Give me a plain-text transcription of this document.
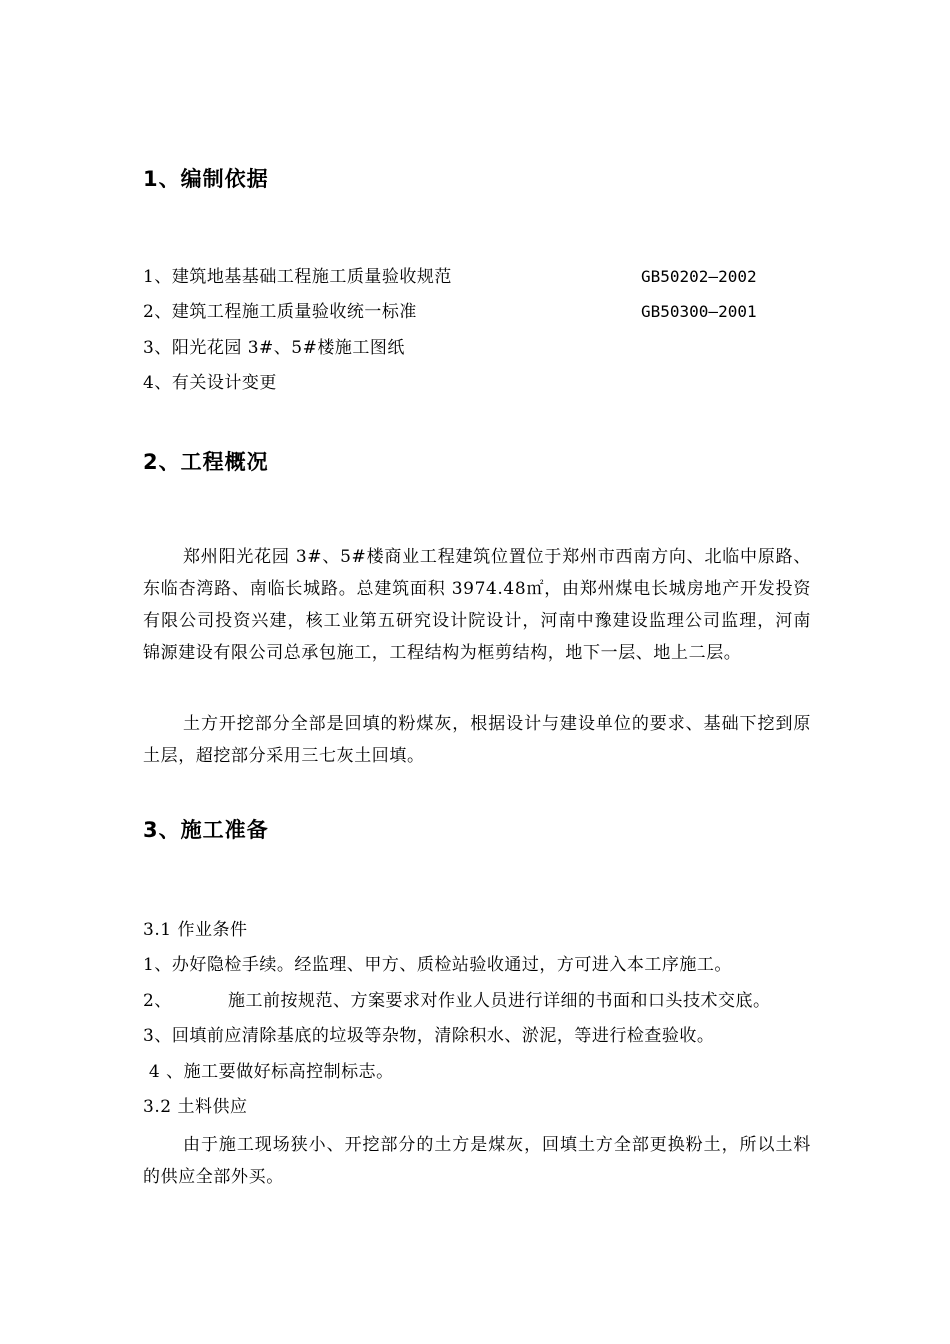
1、编制依据
1、建筑地基基础工程施工质量验收规范	GB50202—2002
2、建筑工程施工质量验收统一标准	GB50300—2001
3、阳光花园 3#、5#楼施工图纸
4、有关设计变更
2、工程概况
郑州阳光花园 3#、5#楼商业工程建筑位置位于郑州市西南方向、北临中原路、东临杏湾路、南临长城路。总建筑面积 3974.48㎡，由郑州煤电长城房地产开发投资有限公司投资兴建，核工业第五研究设计院设计，河南中豫建设监理公司监理，河南锦源建设有限公司总承包施工，工程结构为框剪结构，地下一层、地上二层。
土方开挖部分全部是回填的粉煤灰，根据设计与建设单位的要求、基础下挖到原土层，超挖部分采用三七灰土回填。
3、施工准备
3.1 作业条件
1、办好隐检手续。经监理、甲方、质检站验收通过，方可进入本工序施工。
2、	施工前按规范、方案要求对作业人员进行详细的书面和口头技术交底。
3、回填前应清除基底的垃圾等杂物，清除积水、淤泥，等进行检查验收。
4 、施工要做好标高控制标志。
3.2 土料供应
由于施工现场狭小、开挖部分的土方是煤灰，回填土方全部更换粉土，所以土料的供应全部外买。
